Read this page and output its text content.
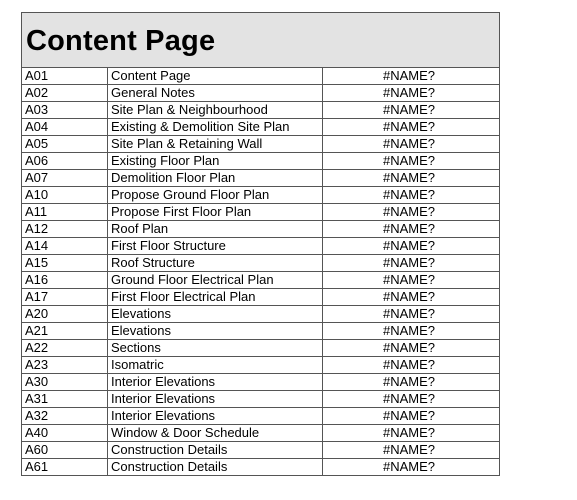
Content Page
A01	Content Page	#NAME?
A02	General Notes	#NAME?
A03	Site Plan & Neighbourhood	#NAME?
A04	Existing & Demolition Site Plan	#NAME?
A05	Site Plan & Retaining Wall	#NAME?
A06	Existing Floor Plan	#NAME?
A07	Demolition Floor Plan	#NAME?
A10	Propose Ground Floor Plan	#NAME?
A11	Propose First Floor Plan	#NAME?
A12	Roof Plan	#NAME?
A14	First Floor Structure	#NAME?
A15	Roof Structure	#NAME?
A16	Ground Floor Electrical Plan	#NAME?
A17	First Floor Electrical Plan	#NAME?
A20	Elevations	#NAME?
A21	Elevations	#NAME?
A22	Sections	#NAME?
A23	Isomatric	#NAME?
A30	Interior Elevations	#NAME?
A31	Interior Elevations	#NAME?
A32	Interior Elevations	#NAME?
A40	Window & Door Schedule	#NAME?
A60	Construction Details	#NAME?
A61	Construction Details	#NAME?
